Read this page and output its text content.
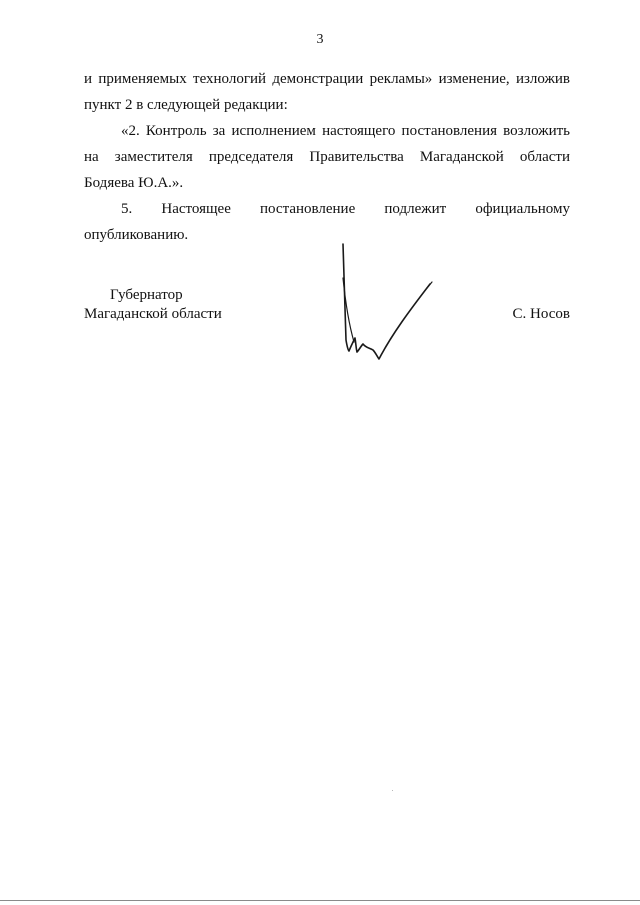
3
и применяемых технологий демонстрации рекламы» изменение, изложив
пункт 2 в следующей редакции:
«2. Контроль за исполнением настоящего постановления возложить
на заместителя председателя Правительства Магаданской области
Бодяева Ю.А.».
5. Настоящее постановление подлежит официальному
опубликованию.
Губернатор
Магаданской области	С. Носов
